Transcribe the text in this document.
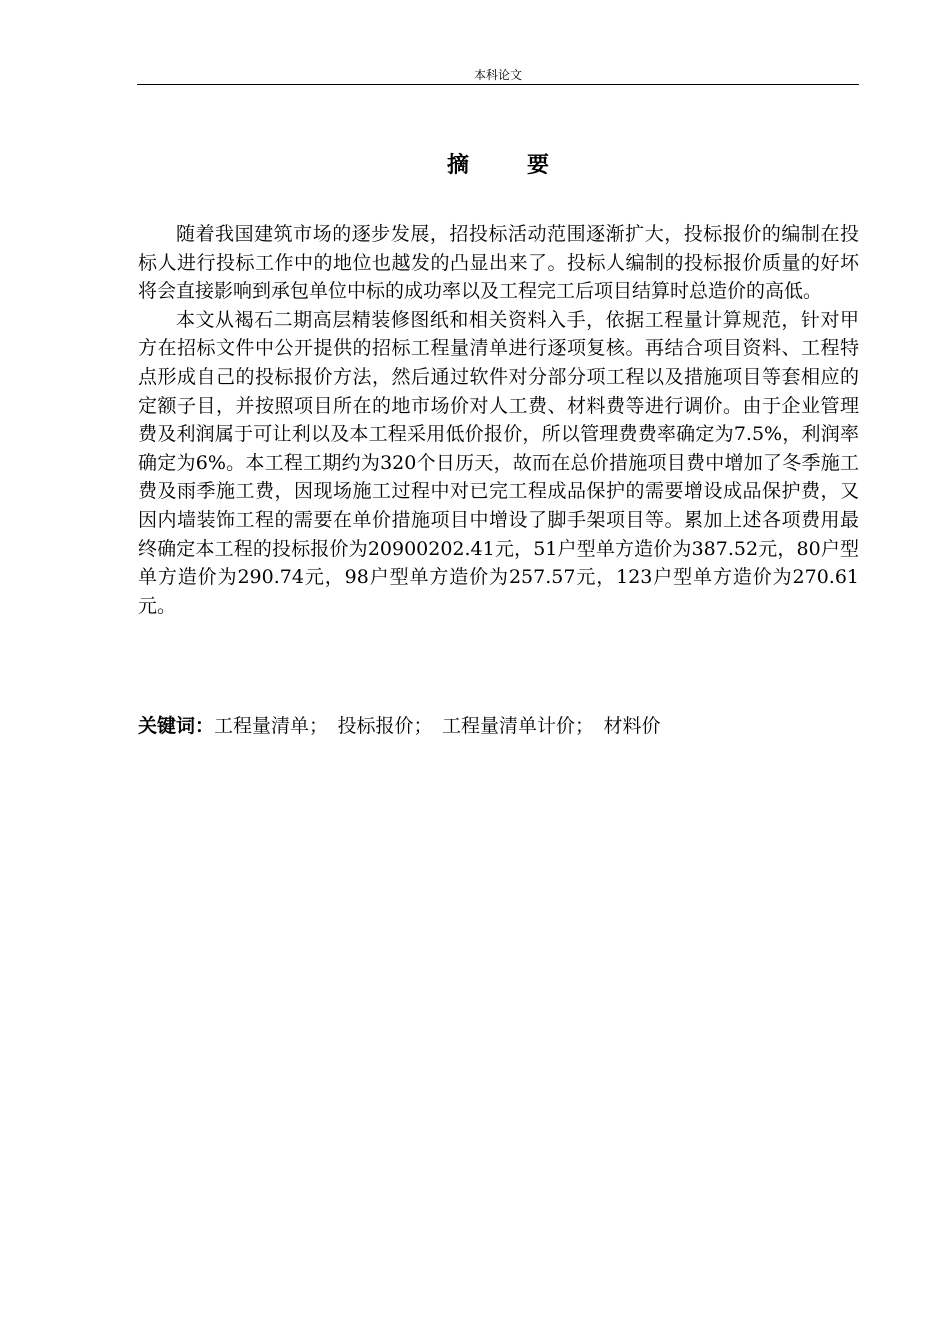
本科论文
摘　要

随着我国建筑市场的逐步发展，招投标活动范围逐渐扩大，投标报价的编制在投标人进行投标工作中的地位也越发的凸显出来了。投标人编制的投标报价质量的好坏将会直接影响到承包单位中标的成功率以及工程完工后项目结算时总造价的高低。

本文从褐石二期高层精装修图纸和相关资料入手，依据工程量计算规范，针对甲方在招标文件中公开提供的招标工程量清单进行逐项复核。再结合项目资料、工程特点形成自己的投标报价方法，然后通过软件对分部分项工程以及措施项目等套相应的定额子目，并按照项目所在的地市场价对人工费、材料费等进行调价。由于企业管理费及利润属于可让利以及本工程采用低价报价，所以管理费费率确定为7.5%，利润率确定为6%。本工程工期约为320个日历天，故而在总价措施项目费中增加了冬季施工费及雨季施工费，因现场施工过程中对已完工程成品保护的需要增设成品保护费，又因内墙装饰工程的需要在单价措施项目中增设了脚手架项目等。累加上述各项费用最终确定本工程的投标报价为20900202.41元，51户型单方造价为387.52元，80户型单方造价为290.74元，98户型单方造价为257.57元，123户型单方造价为270.61元。

关键词：工程量清单；　投标报价；　工程量清单计价；　材料价
